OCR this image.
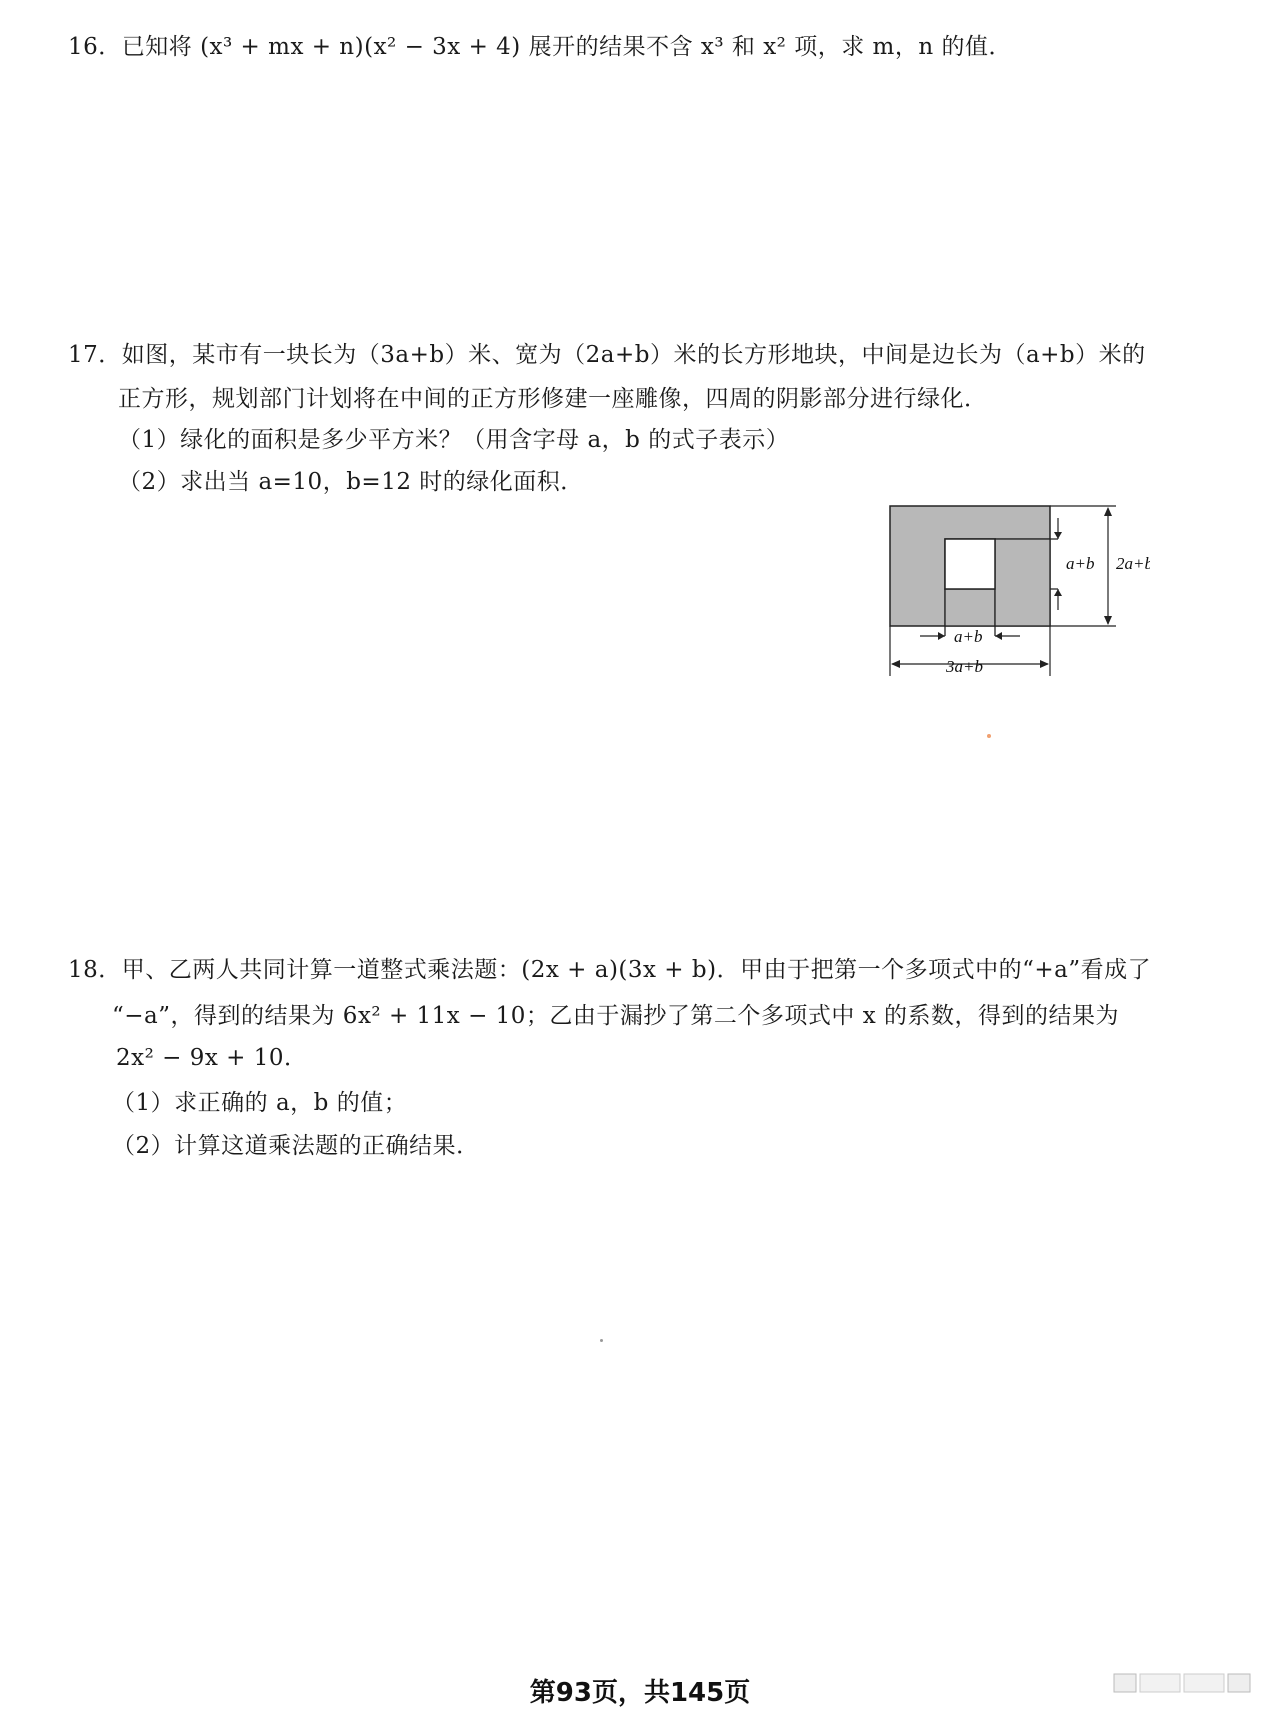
16．已知将 (x³ + mx + n)(x² − 3x + 4) 展开的结果不含 x³ 和 x² 项，求 m，n 的值．
17．如图，某市有一块长为（3a+b）米、宽为（2a+b）米的长方形地块，中间是边长为（a+b）米的
正方形，规划部门计划将在中间的正方形修建一座雕像，四周的阴影部分进行绿化．
（1）绿化的面积是多少平方米？（用含字母 a，b 的式子表示）
（2）求出当 a=10，b=12 时的绿化面积．
a+b 2a+b
a+b
3a+b
18．甲、乙两人共同计算一道整式乘法题：(2x + a)(3x + b)．甲由于把第一个多项式中的“+a”看成了
“−a”，得到的结果为 6x² + 11x − 10；乙由于漏抄了第二个多项式中 x 的系数，得到的结果为
2x² − 9x + 10．
（1）求正确的 a，b 的值；
（2）计算这道乘法题的正确结果．
第93页，共145页
